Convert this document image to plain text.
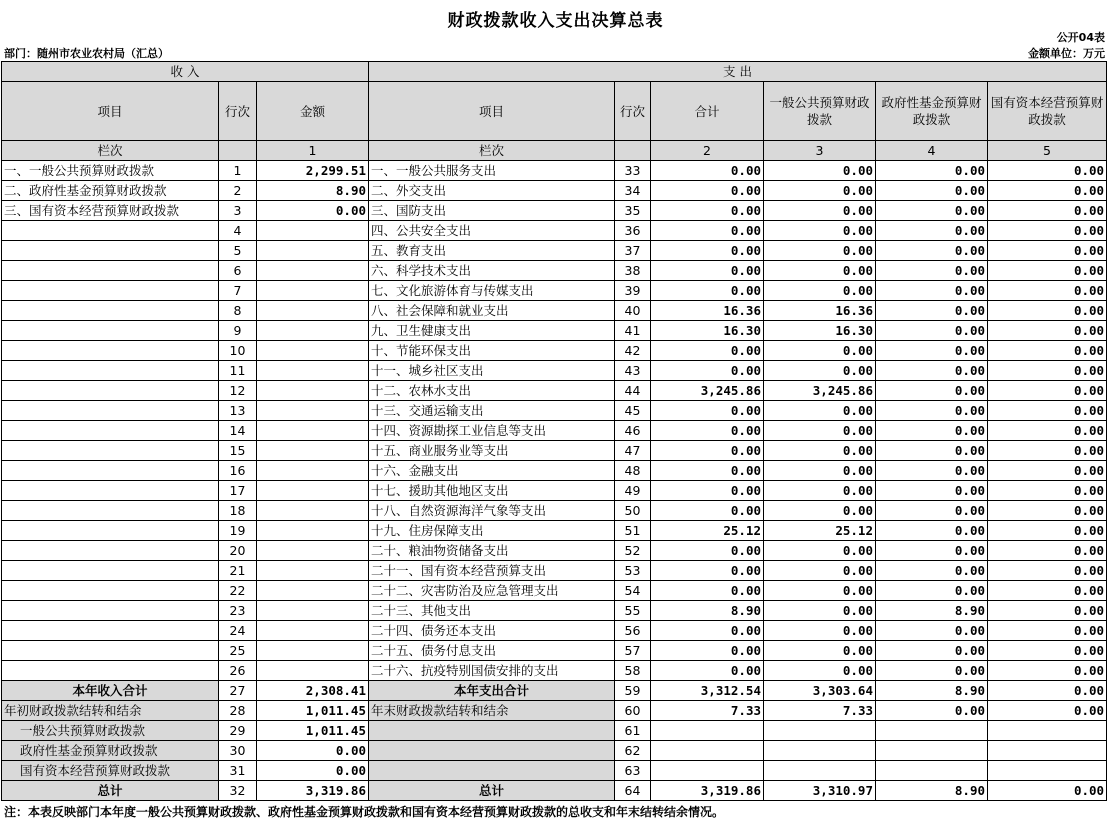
财政拨款收入支出决算总表
公开04表
部门：随州市农业农村局（汇总）	金额单位：万元
收 入			支 出					
项目	行次	金额	项目	行次	合计	一般公共预算财政拨款	政府性基金预算财政拨款	国有资本经营预算财政拨款
栏次		1	栏次		2	3	4	5
一、一般公共预算财政拨款	1	2,299.51	一、一般公共服务支出	33	0.00	0.00	0.00	0.00
二、政府性基金预算财政拨款	2	8.90	二、外交支出	34	0.00	0.00	0.00	0.00
三、国有资本经营预算财政拨款	3	0.00	三、国防支出	35	0.00	0.00	0.00	0.00
	4		四、公共安全支出	36	0.00	0.00	0.00	0.00
	5		五、教育支出	37	0.00	0.00	0.00	0.00
	6		六、科学技术支出	38	0.00	0.00	0.00	0.00
	7		七、文化旅游体育与传媒支出	39	0.00	0.00	0.00	0.00
	8		八、社会保障和就业支出	40	16.36	16.36	0.00	0.00
	9		九、卫生健康支出	41	16.30	16.30	0.00	0.00
	10		十、节能环保支出	42	0.00	0.00	0.00	0.00
	11		十一、城乡社区支出	43	0.00	0.00	0.00	0.00
	12		十二、农林水支出	44	3,245.86	3,245.86	0.00	0.00
	13		十三、交通运输支出	45	0.00	0.00	0.00	0.00
	14		十四、资源勘探工业信息等支出	46	0.00	0.00	0.00	0.00
	15		十五、商业服务业等支出	47	0.00	0.00	0.00	0.00
	16		十六、金融支出	48	0.00	0.00	0.00	0.00
	17		十七、援助其他地区支出	49	0.00	0.00	0.00	0.00
	18		十八、自然资源海洋气象等支出	50	0.00	0.00	0.00	0.00
	19		十九、住房保障支出	51	25.12	25.12	0.00	0.00
	20		二十、粮油物资储备支出	52	0.00	0.00	0.00	0.00
	21		二十一、国有资本经营预算支出	53	0.00	0.00	0.00	0.00
	22		二十二、灾害防治及应急管理支出	54	0.00	0.00	0.00	0.00
	23		二十三、其他支出	55	8.90	0.00	8.90	0.00
	24		二十四、债务还本支出	56	0.00	0.00	0.00	0.00
	25		二十五、债务付息支出	57	0.00	0.00	0.00	0.00
	26		二十六、抗疫特别国债安排的支出	58	0.00	0.00	0.00	0.00
本年收入合计	27	2,308.41	本年支出合计	59	3,312.54	3,303.64	8.90	0.00
年初财政拨款结转和结余	28	1,011.45	年末财政拨款结转和结余	60	7.33	7.33	0.00	0.00
一般公共预算财政拨款	29	1,011.45		61				
政府性基金预算财政拨款	30	0.00		62				
国有资本经营预算财政拨款	31	0.00		63				
总计	32	3,319.86	总计	64	3,319.86	3,310.97	8.90	0.00
注：本表反映部门本年度一般公共预算财政拨款、政府性基金预算财政拨款和国有资本经营预算财政拨款的总收支和年末结转结余情况。
